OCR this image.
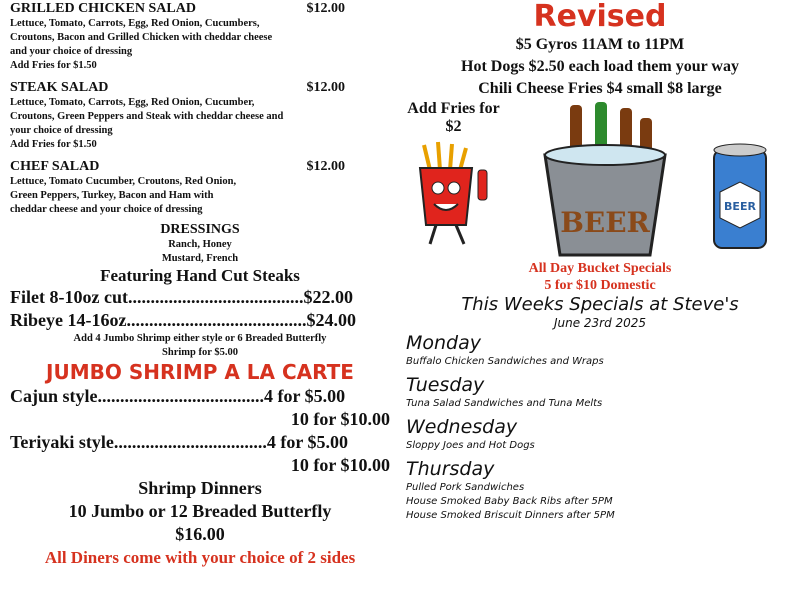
GRILLED CHICKEN SALAD	$12.00
Lettuce, Tomato, Carrots, Egg, Red Onion, Cucumbers, Croutons, Bacon and Grilled Chicken with cheddar cheese and your choice of dressing
Add Fries for $1.50
STEAK SALAD	$12.00
Lettuce, Tomato, Carrots, Egg, Red Onion, Cucumber, Croutons, Green Peppers and Steak with cheddar cheese and your choice of dressing
Add Fries for $1.50
CHEF SALAD	$12.00
Lettuce, Tomato Cucumber, Croutons, Red Onion, Green Peppers, Turkey, Bacon and Ham with cheddar cheese and your choice of dressing
DRESSINGS
Ranch, Honey
Mustard, French
Featuring Hand Cut Steaks
Filet 8-10oz cut.......................................$22.00
Ribeye 14-16oz........................................$24.00
Add 4 Jumbo Shrimp either style or 6 Breaded Butterfly Shrimp for $5.00
JUMBO SHRIMP A LA CARTE
Cajun style.....................................4 for $5.00
10 for $10.00
Teriyaki style..................................4 for $5.00
10 for $10.00
Shrimp Dinners
10 Jumbo or 12 Breaded Butterfly
$16.00
All Diners come with your choice of 2 sides
Revised
$5 Gyros 11AM to 11PM
Hot Dogs $2.50 each load them your way
Chili Cheese Fries $4 small $8 large
Add Fries for $2
BEER	BEER
All Day Bucket Specials
5 for $10 Domestic
This Weeks Specials at Steve's
June 23rd 2025
Monday
Buffalo Chicken Sandwiches and Wraps
Tuesday
Tuna Salad Sandwiches and Tuna Melts
Wednesday
Sloppy Joes and Hot Dogs
Thursday
Pulled Pork Sandwiches
House Smoked Baby Back Ribs after 5PM
House Smoked Briscuit Dinners after 5PM
